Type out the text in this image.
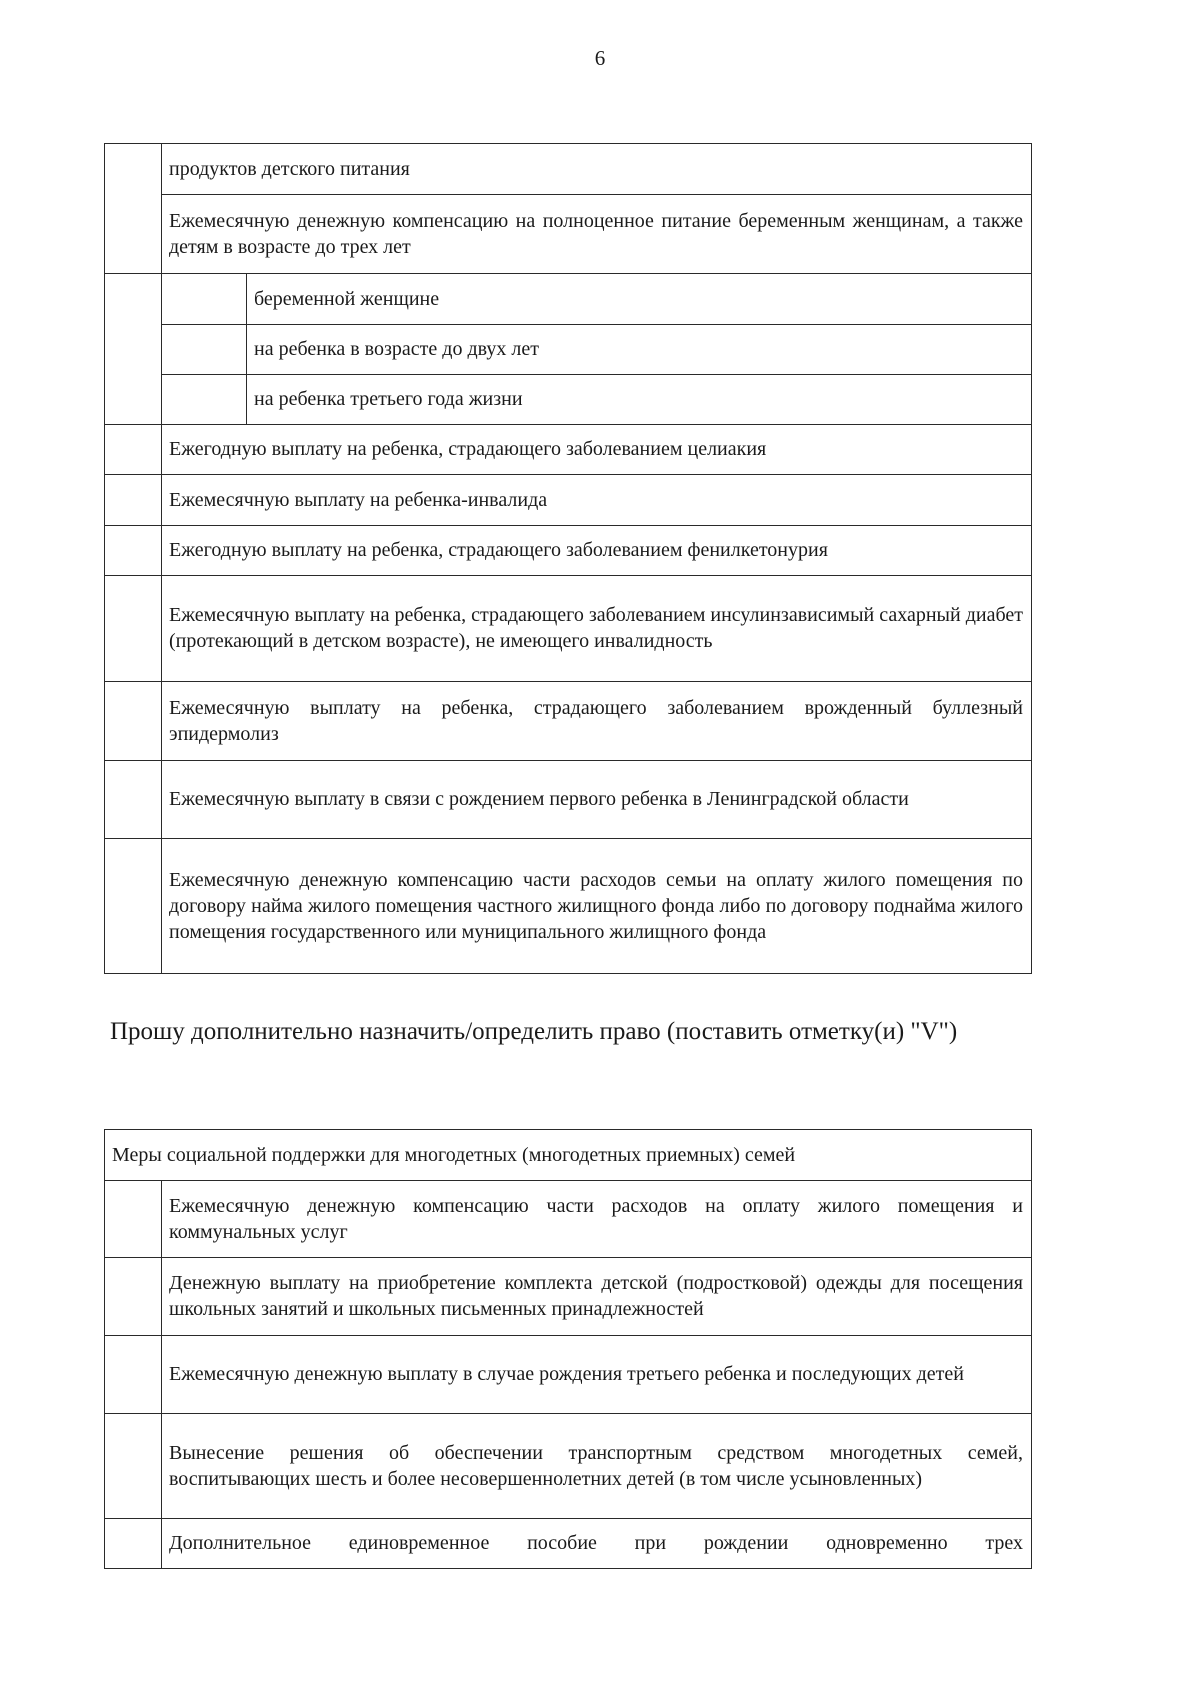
6
	продуктов детского питания	
	Ежемесячную денежную компенсацию на полноценное питание беременным женщинам, а также детям в возрасте до трех лет	
		беременной женщине
		на ребенка в возрасте до двух лет
		на ребенка третьего года жизни
	Ежегодную выплату на ребенка, страдающего заболеванием целиакия	
	Ежемесячную выплату на ребенка-инвалида	
	Ежегодную выплату на ребенка, страдающего заболеванием фенилкетонурия	
	Ежемесячную выплату на ребенка, страдающего заболеванием инсулинзависимый сахарный диабет (протекающий в детском возрасте), не имеющего инвалидность	
	Ежемесячную выплату на ребенка, страдающего заболеванием врожденный буллезный эпидермолиз	
	Ежемесячную выплату в связи с рождением первого ребенка в Ленинградской области	
	Ежемесячную денежную компенсацию части расходов семьи на оплату жилого помещения по договору найма жилого помещения частного жилищного фонда либо по договору поднайма жилого помещения государственного или муниципального жилищного фонда	
Прошу дополнительно назначить/определить право (поставить отметку(и) "V")
Меры социальной поддержки для многодетных (многодетных приемных) семей	
	Ежемесячную денежную компенсацию части расходов на оплату жилого помещения и коммунальных услуг
	Денежную выплату на приобретение комплекта детской (подростковой) одежды для посещения школьных занятий и школьных письменных принадлежностей
	Ежемесячную денежную выплату в случае рождения третьего ребенка и последующих детей
	Вынесение решения об обеспечении транспортным средством многодетных семей, воспитывающих шесть и более несовершеннолетних детей (в том числе усыновленных)
	Дополнительное единовременное пособие при рождении одновременно трех
